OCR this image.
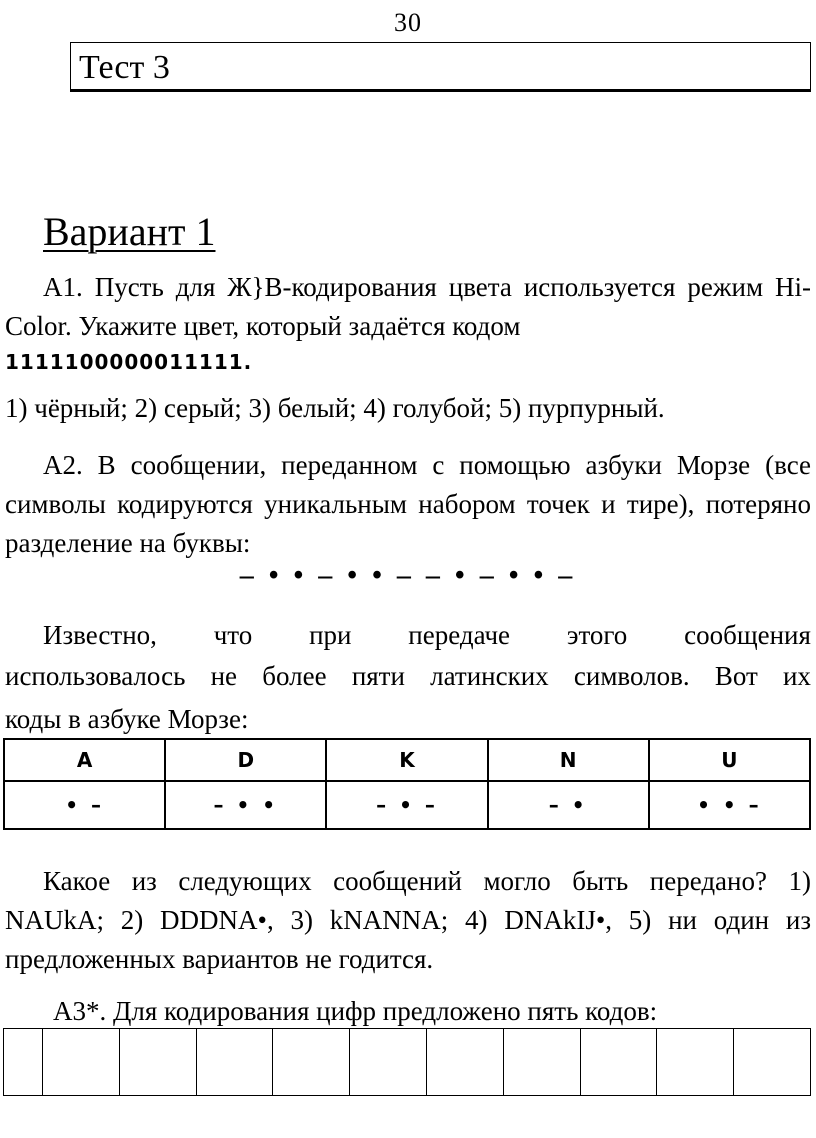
30
Тест 3
Вариант 1

А1. Пусть для Ж}В-кодирования цвета используется режим Hi-Color. Укажите цвет, который задаётся кодом

1111100000011111.
1) чёрный; 2) серый; 3) белый; 4) голубой; 5) пурпурный.

А2. В сообщении, переданном с помощью азбуки Морзе (все символы кодируются уникальным набором точек и тире), потеряно разделение на буквы:

– • • – • • – – • – • • –
Известно, что при передаче этого сообщения
использовалось не более пяти латинских символов. Вот их
коды в азбуке Морзе:
A	D	K	N	U
• –	– • •	– • –	– •	• • –

Какое из следующих сообщений могло быть передано? 1) NAUkA; 2) DDDNA•, 3) kNANNA; 4) DNAkIJ•, 5) ни один из предложенных вариантов не годится.

А3*. Для кодирования цифр предложено пять кодов:
